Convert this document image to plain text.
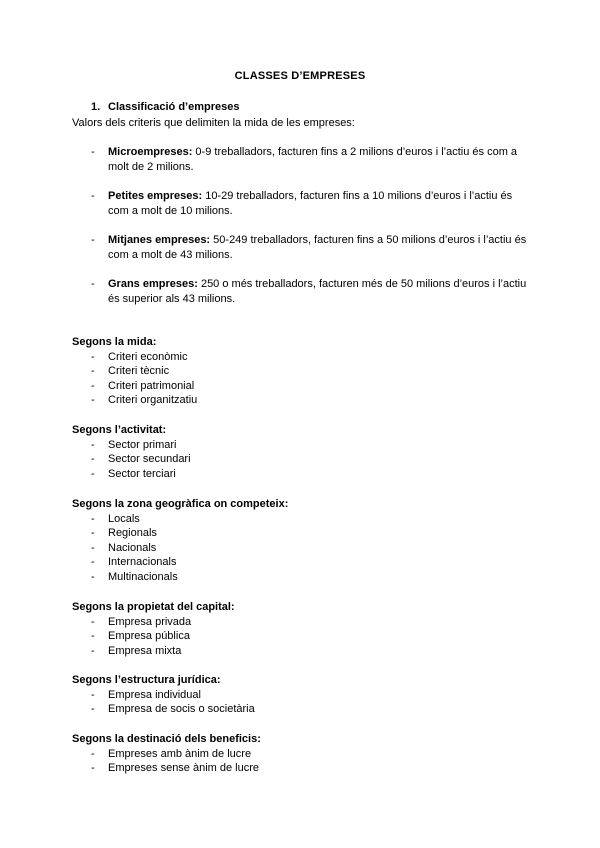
CLASSES D’EMPRESES
1. Classificació d’empreses
Valors dels criteris que delimiten la mida de les empreses:
- Microempreses: 0-9 treballadors, facturen fins a 2 milions d’euros i l’actiu és com a molt de 2 milions.
- Petites empreses: 10-29 treballadors, facturen fins a 10 milions d’euros i l’actiu és com a molt de 10 milions.
- Mitjanes empreses: 50-249 treballadors, facturen fins a 50 milions d’euros i l’actiu és com a molt de 43 milions.
- Grans empreses: 250 o més treballadors, facturen més de 50 milions d’euros i l’actiu és superior als 43 milions.
Segons la mida:
- Criteri econòmic
- Criteri tècnic
- Criteri patrimonial
- Criteri organitzatiu
Segons l’activitat:
- Sector primari
- Sector secundari
- Sector terciari
Segons la zona geogràfica on competeix:
- Locals
- Regionals
- Nacionals
- Internacionals
- Multinacionals
Segons la propietat del capital:
- Empresa privada
- Empresa pública
- Empresa mixta
Segons l’estructura jurídica:
- Empresa individual
- Empresa de socis o societària
Segons la destinació dels beneficis:
- Empreses amb ànim de lucre
- Empreses sense ànim de lucre
